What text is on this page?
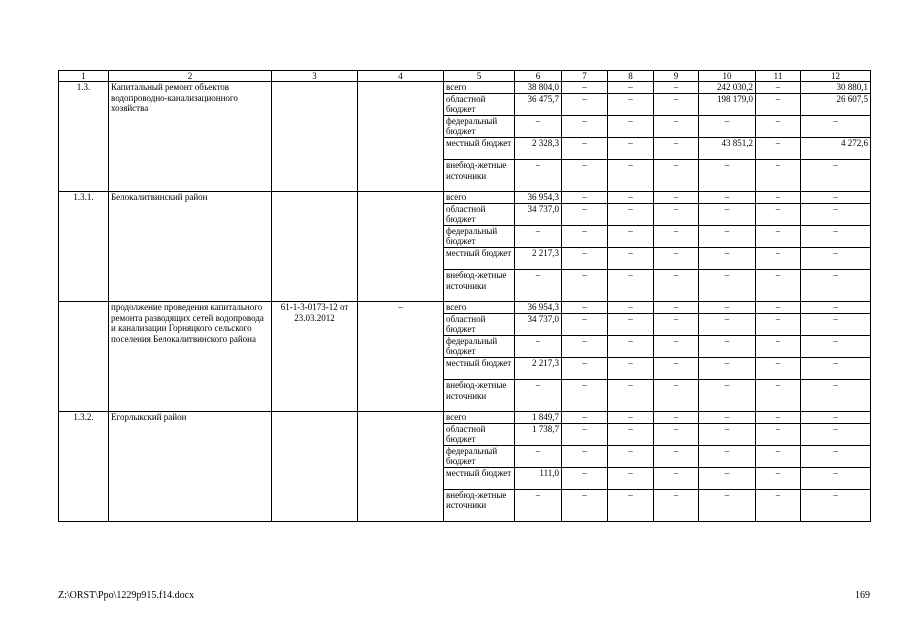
1	2	3	4	5	6	7	8	9	10	11	12
1.3.	Капитальный ремонт объектов водопроводно-канализационного хозяйства			всего	38 804,0	–	–	–	242 030,2	–	30 880,1
				областной бюджет	36 475,7	–	–	–	198 179,0	–	26 607,5
				федеральный бюджет	–	–	–	–	–	–	–
				местный бюджет	2 328,3	–	–	–	43 851,2	–	4 272,6
				внебюд-жетные источники	–	–	–	–	–	–	–
1.3.1.	Белокалитвинский район			всего	36 954,3	–	–	–	–	–	–
				областной бюджет	34 737,0	–	–	–	–	–	–
				федеральный бюджет	–	–	–	–	–	–	–
				местный бюджет	2 217,3	–	–	–	–	–	–
				внебюд-жетные источники	–	–	–	–	–	–	–
	продолжение проведения капитального ремонта разводящих сетей водопровода и канализации Горняцкого сельского поселения Белокалитвинского района	61-1-3-0173-12 от 23.03.2012	–	всего	36 954,3	–	–	–	–	–	–
				областной бюджет	34 737,0	–	–	–	–	–	–
				федеральный бюджет	–	–	–	–	–	–	–
				местный бюджет	2 217,3	–	–	–	–	–	–
				внебюд-жетные источники	–	–	–	–	–	–	–
1.3.2.	Егорлыкский район			всего	1 849,7	–	–	–	–	–	–
				областной бюджет	1 738,7	–	–	–	–	–	–
				федеральный бюджет	–	–	–	–	–	–	–
				местный бюджет	111,0	–	–	–	–	–	–
				внебюд-жетные источники	–	–	–	–	–	–	–
Z:\ORST\Ppo\1229p915.f14.docx	169
